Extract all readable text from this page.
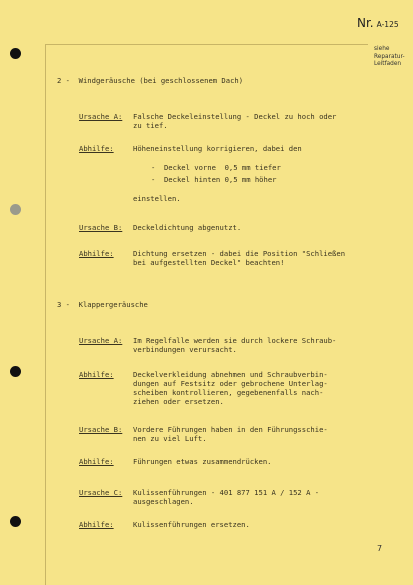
Nr. A-125
siehe
Reparatur-
Leitfaden
2 -  Windgeräusche (bei geschlossenem Dach)
Ursache A: Falsche Deckeleinstellung - Deckel zu hoch oder
zu tief.
Abhilfe:	Höheneinstellung korrigieren, dabei den
-  Deckel vorne  0,5 mm tiefer
-  Deckel hinten 0,5 mm höher
einstellen.
Ursache B: Deckeldichtung abgenutzt.
Abhilfe:	Dichtung ersetzen - dabei die Position "Schließen
bei aufgestellten Deckel" beachten!
3 -  Klappergeräusche
Ursache A: Im Regelfalle werden sie durch lockere Schraub-
verbindungen verursacht.
Abhilfe:	Deckelverkleidung abnehmen und Schraubverbin-
dungen auf Festsitz oder gebrochene Unterlag-
scheiben kontrollieren, gegebenenfalls nach-
ziehen oder ersetzen.
Ursache B: Vordere Führungen haben in den Führungsschie-
nen zu viel Luft.
Abhilfe:	Führungen etwas zusammendrücken.
Ursache C: Kulissenführungen - 401 877 151 A / 152 A -
ausgeschlagen.
Abhilfe:	Kulissenführungen ersetzen.
7
